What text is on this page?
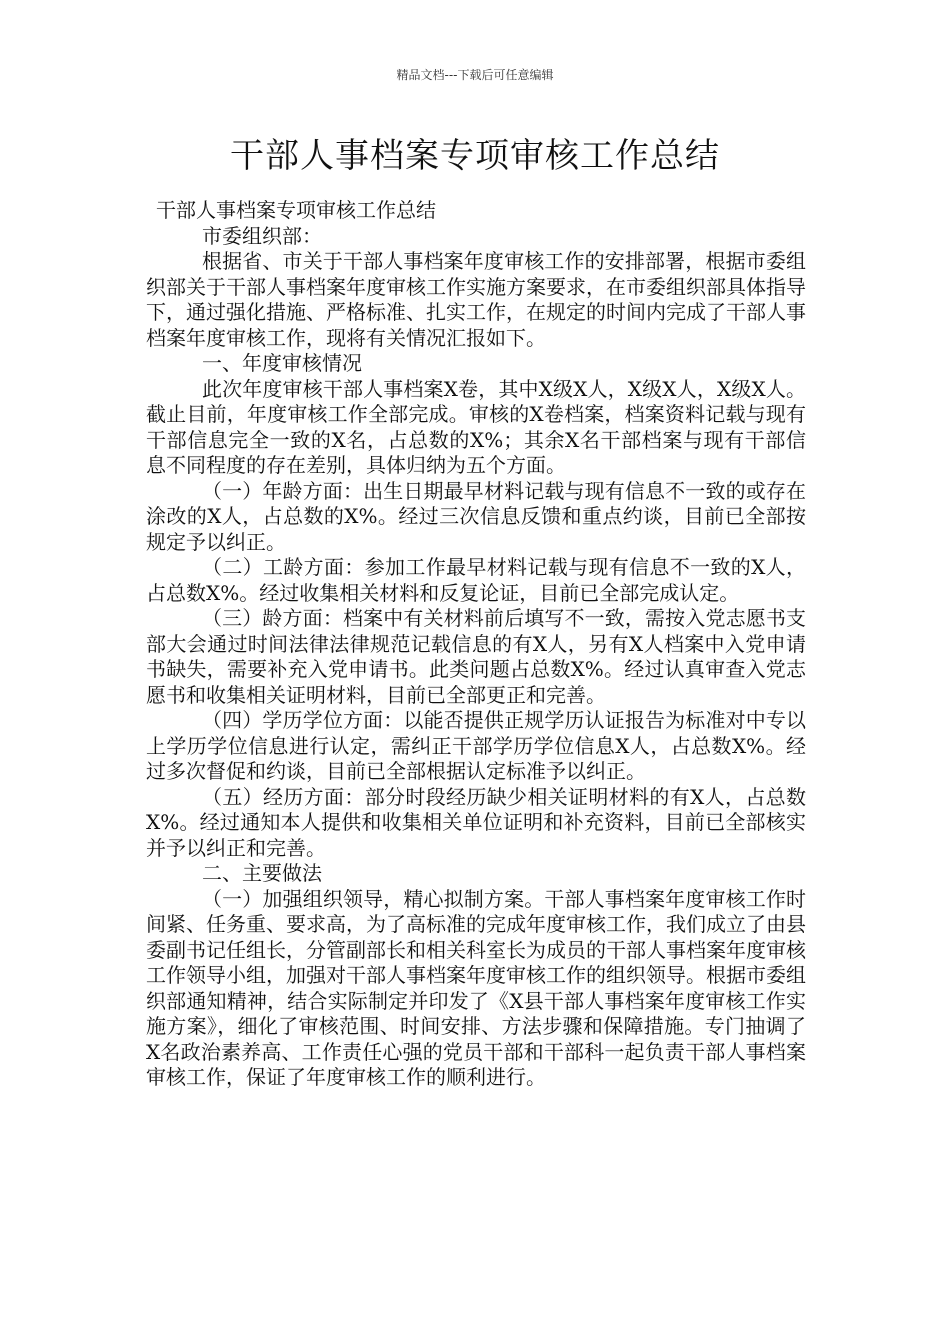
精品文档---下载后可任意编辑
干部人事档案专项审核工作总结

干部人事档案专项审核工作总结

市委组织部：

根据省、市关于干部人事档案年度审核工作的安排部署，根据市委组织部关于干部人事档案年度审核工作实施方案要求，在市委组织部具体指导下，通过强化措施、严格标准、扎实工作，在规定的时间内完成了干部人事档案年度审核工作，现将有关情况汇报如下。

一、年度审核情况

此次年度审核干部人事档案X卷，其中X级X人，X级X人，X级X人。截止目前，年度审核工作全部完成。审核的X卷档案，档案资料记载与现有干部信息完全一致的X名，占总数的X%；其余X名干部档案与现有干部信息不同程度的存在差别，具体归纳为五个方面。

（一）年龄方面：出生日期最早材料记载与现有信息不一致的或存在涂改的X人，占总数的X%。经过三次信息反馈和重点约谈，目前已全部按规定予以纠正。

（二）工龄方面：参加工作最早材料记载与现有信息不一致的X人，占总数X%。经过收集相关材料和反复论证，目前已全部完成认定。

（三）龄方面：档案中有关材料前后填写不一致，需按入党志愿书支部大会通过时间法律法律规范记载信息的有X人，另有X人档案中入党申请书缺失，需要补充入党申请书。此类问题占总数X%。经过认真审查入党志愿书和收集相关证明材料，目前已全部更正和完善。

（四）学历学位方面：以能否提供正规学历认证报告为标准对中专以上学历学位信息进行认定，需纠正干部学历学位信息X人，占总数X%。经过多次督促和约谈，目前已全部根据认定标准予以纠正。

（五）经历方面：部分时段经历缺少相关证明材料的有X人，占总数X%。经过通知本人提供和收集相关单位证明和补充资料，目前已全部核实并予以纠正和完善。

二、主要做法

（一）加强组织领导，精心拟制方案。干部人事档案年度审核工作时间紧、任务重、要求高，为了高标准的完成年度审核工作，我们成立了由县委副书记任组长，分管副部长和相关科室长为成员的干部人事档案年度审核工作领导小组，加强对干部人事档案年度审核工作的组织领导。根据市委组织部通知精神，结合实际制定并印发了《X县干部人事档案年度审核工作实施方案》，细化了审核范围、时间安排、方法步骤和保障措施。专门抽调了X名政治素养高、工作责任心强的党员干部和干部科一起负责干部人事档案审核工作，保证了年度审核工作的顺利进行。
